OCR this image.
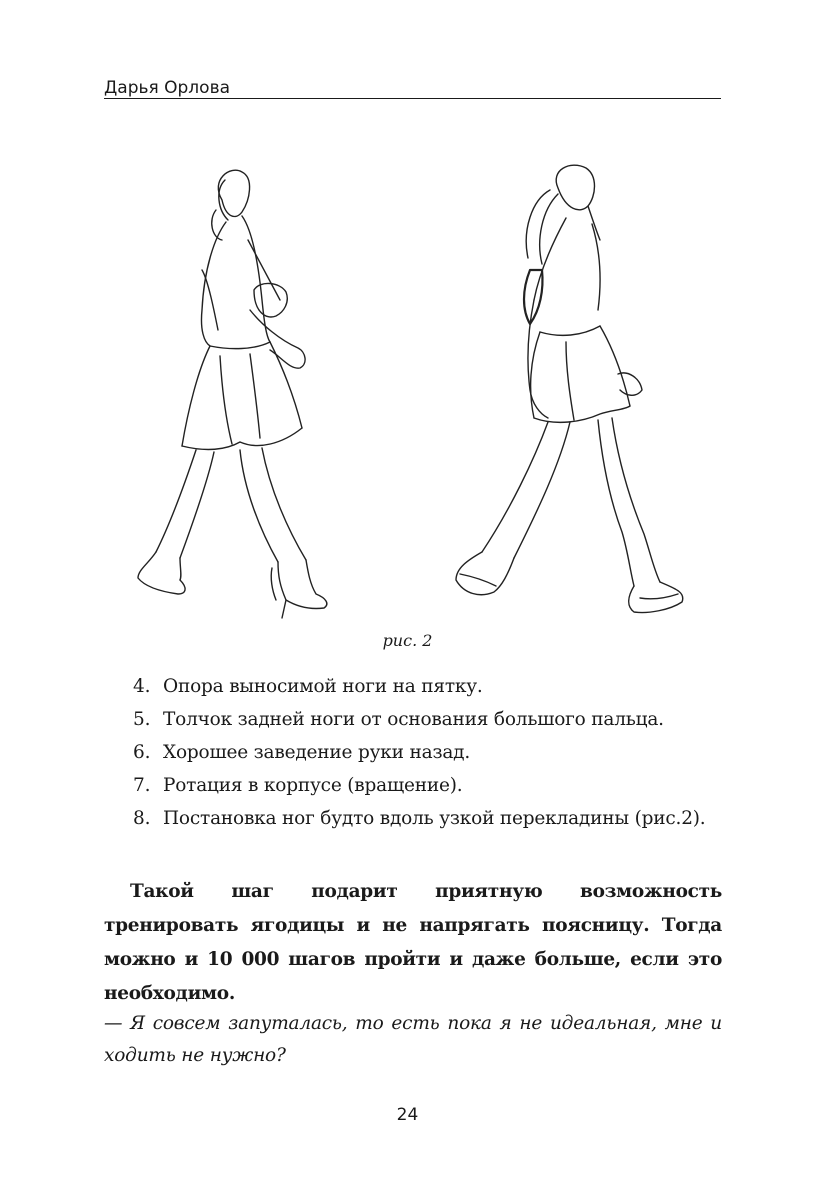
Дарья Орлова
рис. 2
4. Опора выносимой ноги на пятку.
5. Толчок задней ноги от основания большого пальца.
6. Хорошее заведение руки назад.
7. Ротация в корпусе (вращение).
8. Постановка ног будто вдоль узкой перекладины (рис.2).

Такой шаг подарит приятную возможность тренировать ягодицы и не напрягать поясницу. Тогда можно и 10 000 шагов пройти и даже больше, если это необходимо.

— Я совсем запуталась, то есть пока я не идеальная, мне и ходить не нужно?

24
